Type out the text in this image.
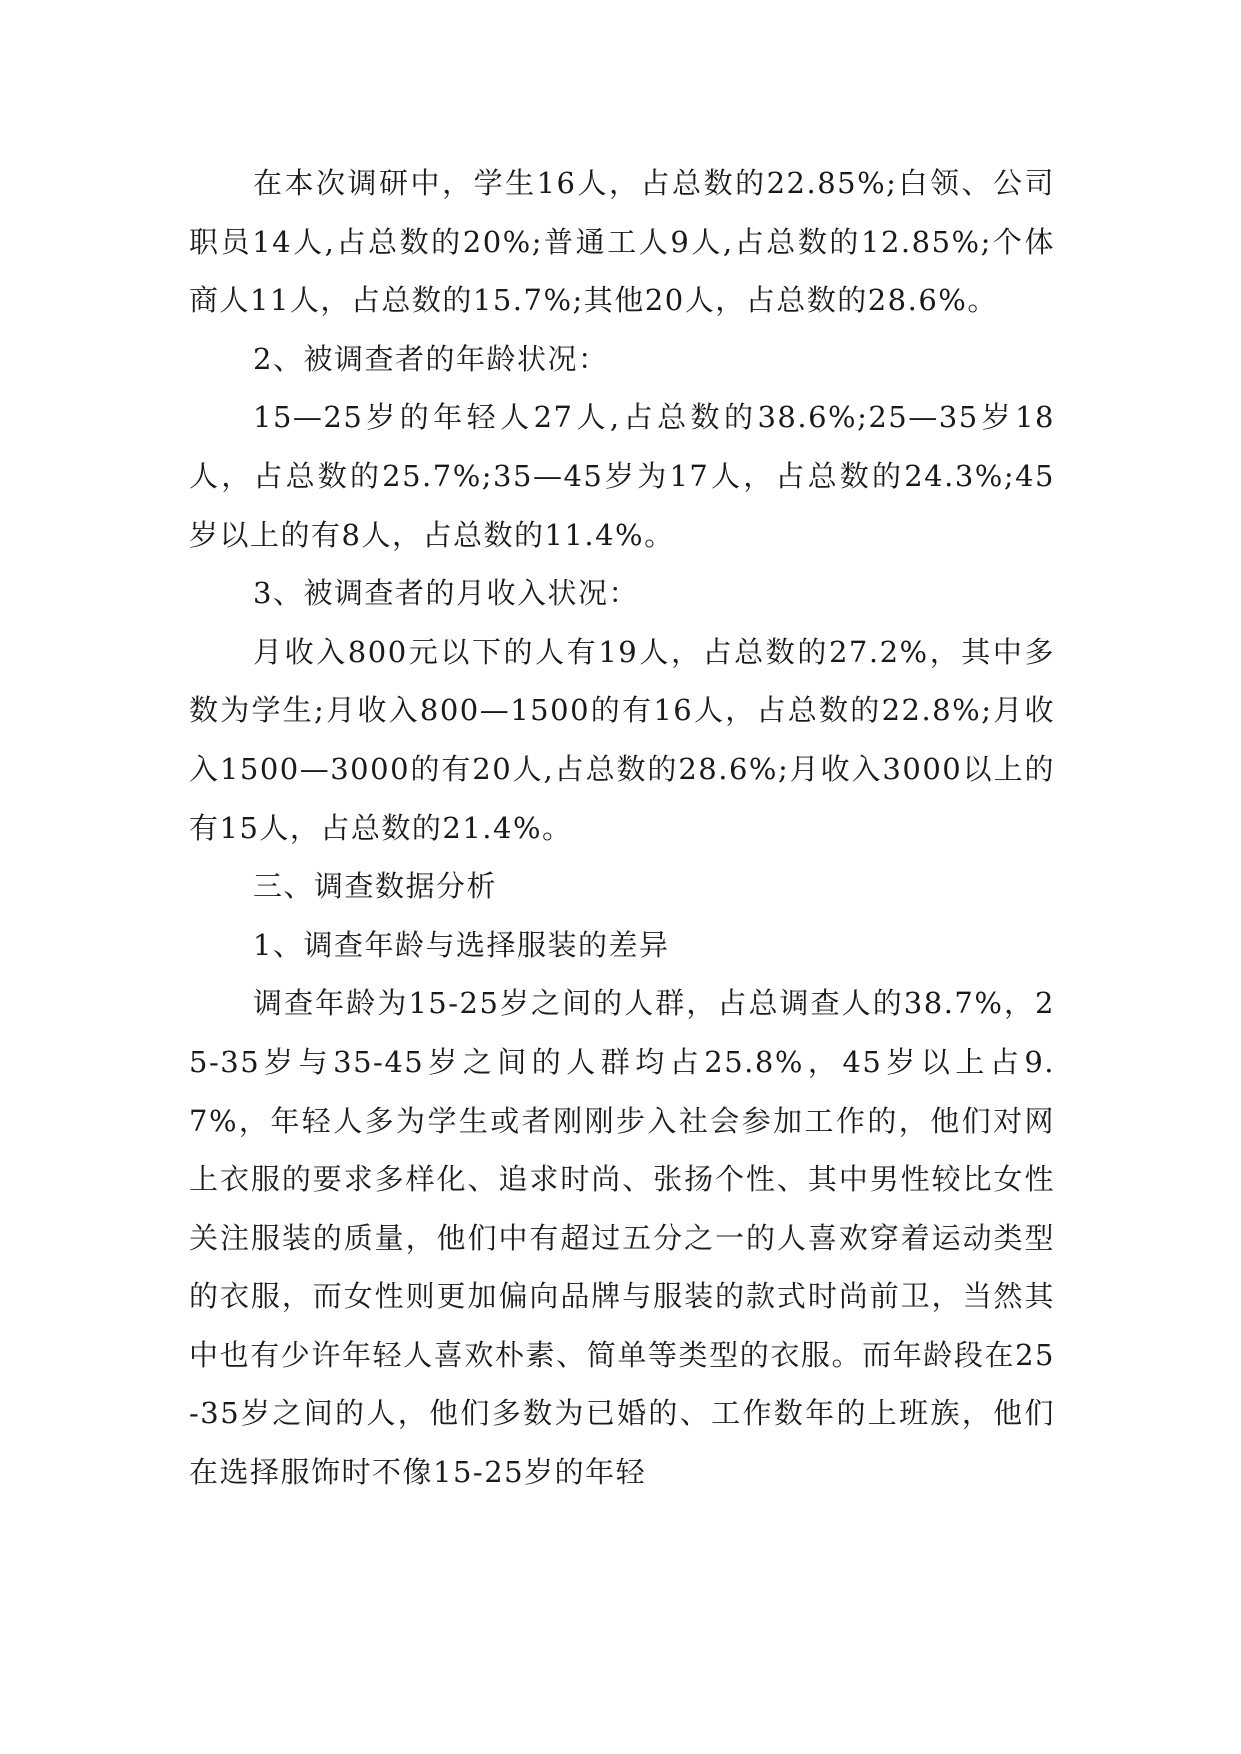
在本次调研中，学生16人，占总数的22.85%;白领、公司职员14人,占总数的20%;普通工人9人,占总数的12.85%;个体商人11人，占总数的15.7%;其他20人，占总数的28.6%。

2、被调查者的年龄状况：

15—25岁的年轻人27人,占总数的38.6%;25—35岁18人，占总数的25.7%;35—45岁为17人，占总数的24.3%;45岁以上的有8人，占总数的11.4%。

3、被调查者的月收入状况：

月收入800元以下的人有19人，占总数的27.2%，其中多数为学生;月收入800—1500的有16人，占总数的22.8%;月收入1500—3000的有20人,占总数的28.6%;月收入3000以上的有15人，占总数的21.4%。

三、调查数据分析

1、调查年龄与选择服装的差异

调查年龄为15-25岁之间的人群，占总调查人的38.7%，25-35岁与35-45岁之间的人群均占25.8%，45岁以上占9.7%，年轻人多为学生或者刚刚步入社会参加工作的，他们对网上衣服的要求多样化、追求时尚、张扬个性、其中男性较比女性关注服装的质量，他们中有超过五分之一的人喜欢穿着运动类型的衣服，而女性则更加偏向品牌与服装的款式时尚前卫，当然其中也有少许年轻人喜欢朴素、简单等类型的衣服。而年龄段在25-35岁之间的人，他们多数为已婚的、工作数年的上班族，他们在选择服饰时不像15-25岁的年轻
